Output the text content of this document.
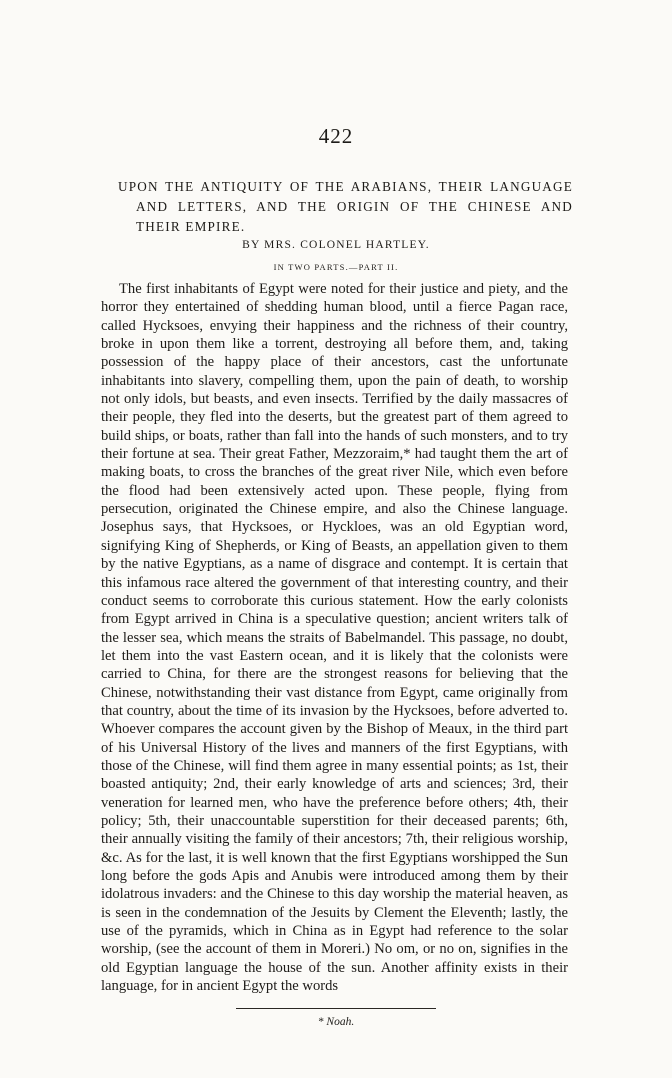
422
UPON THE ANTIQUITY OF THE ARABIANS, THEIR LANGUAGE AND LETTERS, AND THE ORIGIN OF THE CHINESE AND THEIR EMPIRE.
BY MRS. COLONEL HARTLEY.
IN TWO PARTS.—PART II.

The first inhabitants of Egypt were noted for their justice and piety, and the horror they entertained of shedding human blood, until a fierce Pagan race, called Hycksoes, envying their happiness and the richness of their country, broke in upon them like a torrent, destroying all before them, and, taking possession of the happy place of their ancestors, cast the unfortunate inhabitants into slavery, compelling them, upon the pain of death, to worship not only idols, but beasts, and even insects. Terrified by the daily massacres of their people, they fled into the deserts, but the greatest part of them agreed to build ships, or boats, rather than fall into the hands of such monsters, and to try their fortune at sea. Their great Father, Mezzoraim,* had taught them the art of making boats, to cross the branches of the great river Nile, which even before the flood had been extensively acted upon. These people, flying from persecution, originated the Chinese empire, and also the Chinese language. Josephus says, that Hycksoes, or Hyckloes, was an old Egyptian word, signifying King of Shepherds, or King of Beasts, an appellation given to them by the native Egyptians, as a name of disgrace and contempt. It is certain that this infamous race altered the government of that interesting country, and their conduct seems to corroborate this curious statement. How the early colonists from Egypt arrived in China is a speculative question; ancient writers talk of the lesser sea, which means the straits of Babelmandel. This passage, no doubt, let them into the vast Eastern ocean, and it is likely that the colonists were carried to China, for there are the strongest reasons for believing that the Chinese, notwithstanding their vast distance from Egypt, came originally from that country, about the time of its invasion by the Hycksoes, before adverted to. Whoever compares the account given by the Bishop of Meaux, in the third part of his Universal History of the lives and manners of the first Egyptians, with those of the Chinese, will find them agree in many essential points; as 1st, their boasted antiquity; 2nd, their early knowledge of arts and sciences; 3rd, their veneration for learned men, who have the preference before others; 4th, their policy; 5th, their unaccountable superstition for their deceased parents; 6th, their annually visiting the family of their ancestors; 7th, their religious worship, &c. As for the last, it is well known that the first Egyptians worshipped the Sun long before the gods Apis and Anubis were introduced among them by their idolatrous invaders: and the Chinese to this day worship the material heaven, as is seen in the condemnation of the Jesuits by Clement the Eleventh; lastly, the use of the pyramids, which in China as in Egypt had reference to the solar worship, (see the account of them in Moreri.) No om, or no on, signifies in the old Egyptian language the house of the sun. Another affinity exists in their language, for in ancient Egypt the words

* Noah.
